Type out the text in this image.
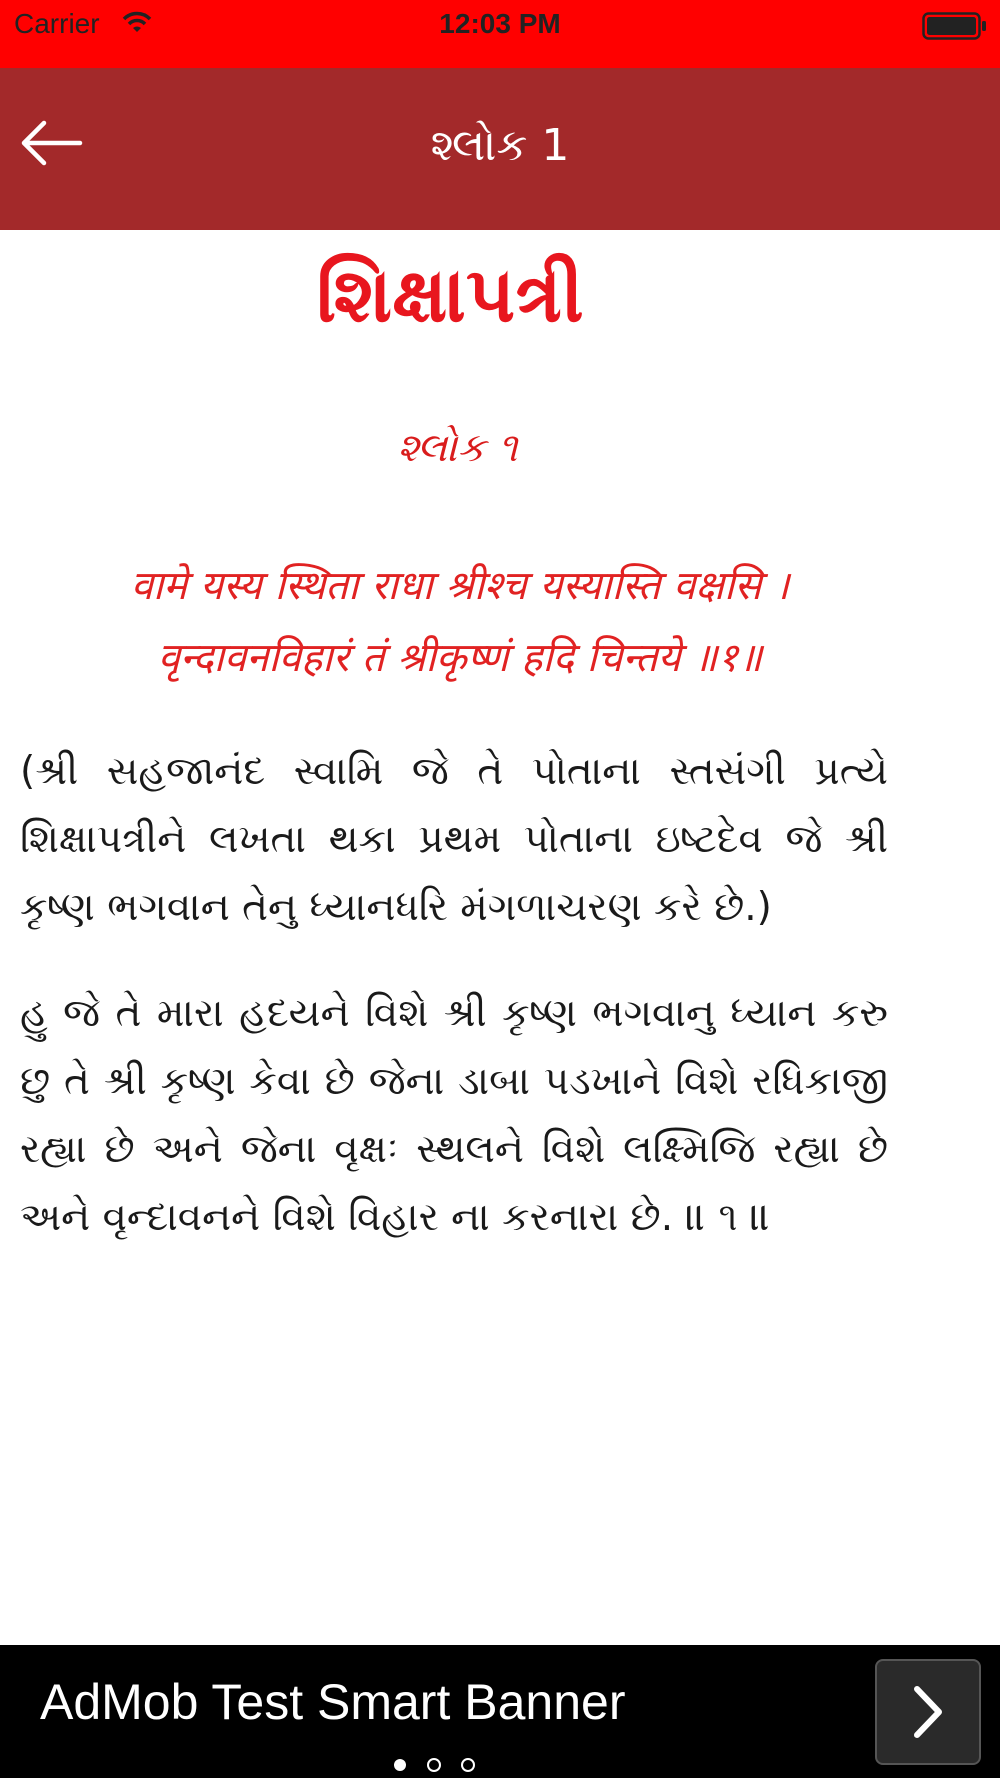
Carrier	12:03 PM
શ્લોક 1
શિક્ષાપત્રી
શ્લોક ૧
वामे यस्य स्थिता राधा श्रीश्च यस्यास्ति वक्षसि ।
वृन्दावनविहारं तं श्रीकृष्णं हदि चिन्तये ॥१॥

(શ્રી સહજાનંદ સ્વામિ જે તે પોતાના સ્તસંગી પ્રત્યે શિક્ષાપત્રીને લખતા થકા પ્રથમ પોતાના ઇષ્ટદેવ જે શ્રી કૃષ્ણ ભગવાન તેનુ ધ્યાનધરિ મંગળાચરણ કરે છે.)

હુ જે તે મારા હદયને વિશે શ્રી કૃષ્ણ ભગવાનુ ધ્યાન કરુ છુ તે શ્રી કૃષ્ણ કેવા છે જેના ડાબા પડખાને વિશે રધિકાજી રહ્યા છે અને જેના વૃક્ષઃ સ્થલને વિશે લક્ષ્મિજિ રહ્યા છે અને વૃન્દાવનને વિશે વિહાર ના કરનારા છે. ॥ ૧ ॥

AdMob Test Smart Banner
